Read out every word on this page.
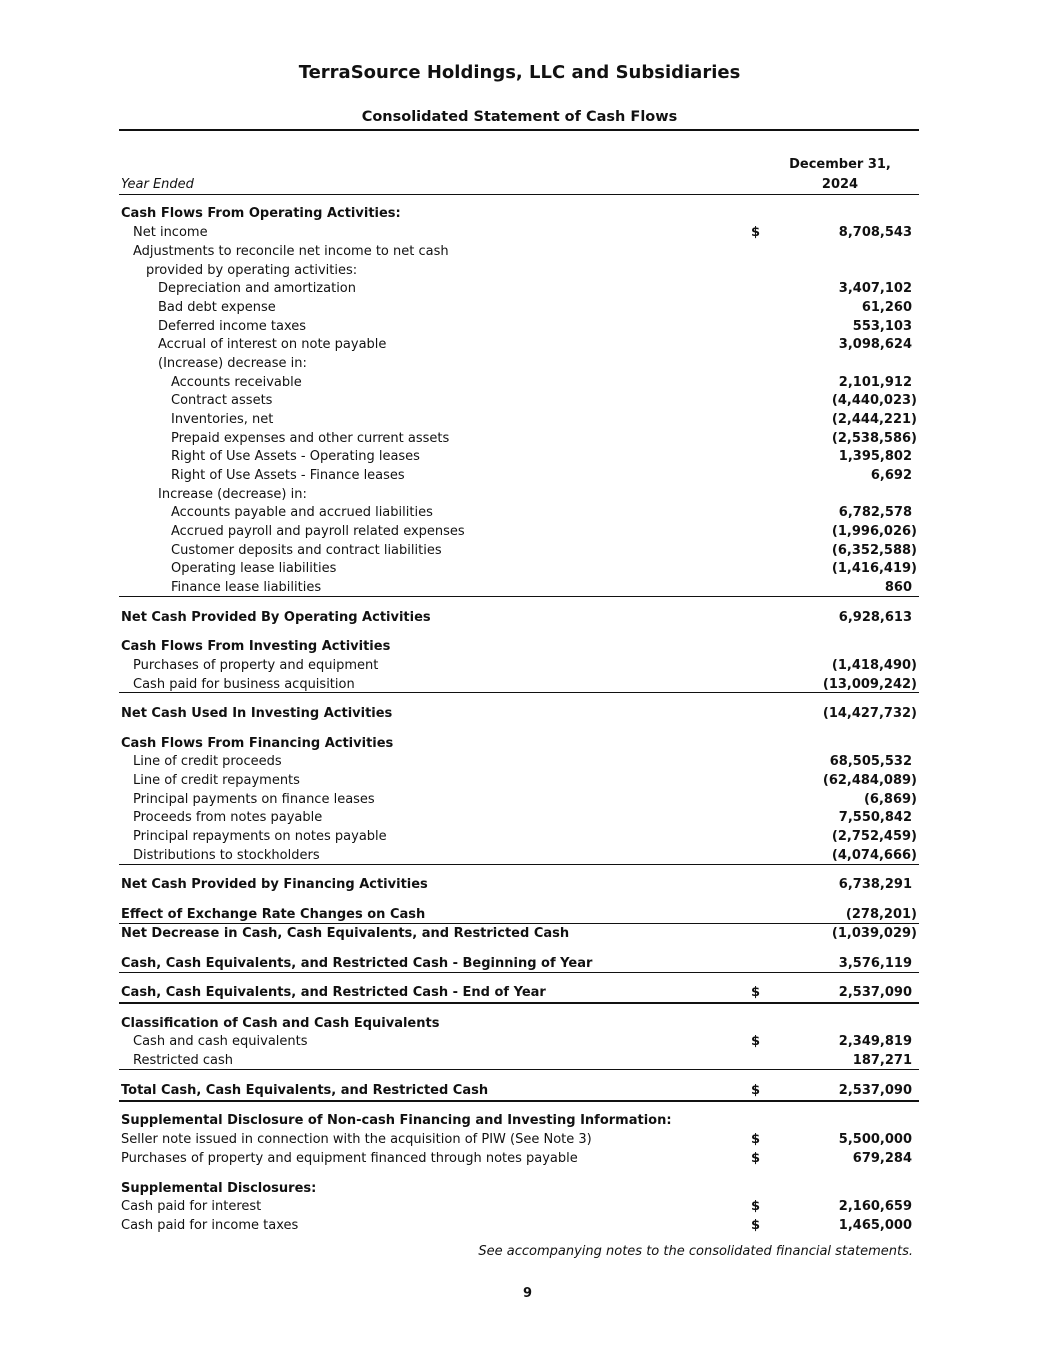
TerraSource Holdings, LLC and Subsidiaries
Consolidated Statement of Cash Flows
December 31,
Year Ended	2024
Cash Flows From Operating Activities:
Net income	$	8,708,543
Adjustments to reconcile net income to net cash
provided by operating activities:
Depreciation and amortization	3,407,102
Bad debt expense	61,260
Deferred income taxes	553,103
Accrual of interest on note payable	3,098,624
(Increase) decrease in:
Accounts receivable	2,101,912
Contract assets	(4,440,023)
Inventories, net	(2,444,221)
Prepaid expenses and other current assets	(2,538,586)
Right of Use Assets - Operating leases	1,395,802
Right of Use Assets - Finance leases	6,692
Increase (decrease) in:
Accounts payable and accrued liabilities	6,782,578
Accrued payroll and payroll related expenses	(1,996,026)
Customer deposits and contract liabilities	(6,352,588)
Operating lease liabilities	(1,416,419)
Finance lease liabilities	860
Net Cash Provided By Operating Activities	6,928,613
Cash Flows From Investing Activities
Purchases of property and equipment	(1,418,490)
Cash paid for business acquisition	(13,009,242)
Net Cash Used In Investing Activities	(14,427,732)
Cash Flows From Financing Activities
Line of credit proceeds	68,505,532
Line of credit repayments	(62,484,089)
Principal payments on finance leases	(6,869)
Proceeds from notes payable	7,550,842
Principal repayments on notes payable	(2,752,459)
Distributions to stockholders	(4,074,666)
Net Cash Provided by Financing Activities	6,738,291
Effect of Exchange Rate Changes on Cash	(278,201)
Net Decrease in Cash, Cash Equivalents, and Restricted Cash	(1,039,029)
Cash, Cash Equivalents, and Restricted Cash - Beginning of Year	3,576,119
Cash, Cash Equivalents, and Restricted Cash - End of Year	$	2,537,090
Classification of Cash and Cash Equivalents
Cash and cash equivalents	$	2,349,819
Restricted cash	187,271
Total Cash, Cash Equivalents, and Restricted Cash	$	2,537,090
Supplemental Disclosure of Non-cash Financing and Investing Information:
Seller note issued in connection with the acquisition of PIW (See Note 3)	$	5,500,000
Purchases of property and equipment financed through notes payable	$	679,284
Supplemental Disclosures:
Cash paid for interest	$	2,160,659
Cash paid for income taxes	$	1,465,000
See accompanying notes to the consolidated financial statements.
9
